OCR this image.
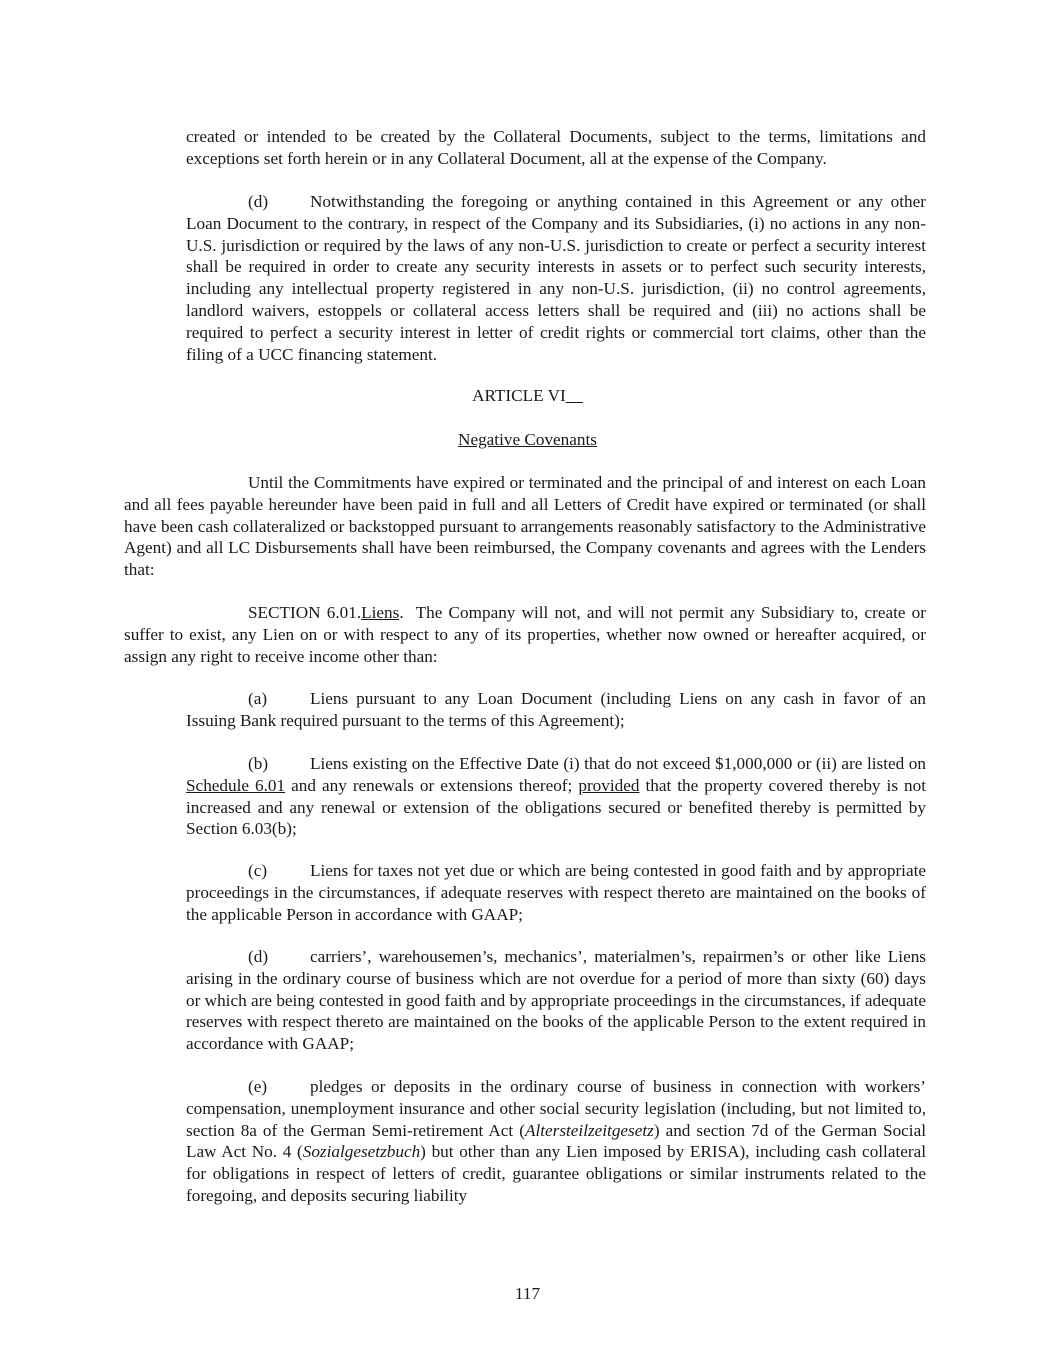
created or intended to be created by the Collateral Documents, subject to the terms, limitations and exceptions set forth herein or in any Collateral Document, all at the expense of the Company.

(d) Notwithstanding the foregoing or anything contained in this Agreement or any other Loan Document to the contrary, in respect of the Company and its Subsidiaries, (i) no actions in any non-U.S. jurisdiction or required by the laws of any non-U.S. jurisdiction to create or perfect a security interest shall be required in order to create any security interests in assets or to perfect such security interests, including any intellectual property registered in any non-U.S. jurisdiction, (ii) no control agreements, landlord waivers, estoppels or collateral access letters shall be required and (iii) no actions shall be required to perfect a security interest in letter of credit rights or commercial tort claims, other than the filing of a UCC financing statement.

ARTICLE VI  

Negative Covenants

Until the Commitments have expired or terminated and the principal of and interest on each Loan and all fees payable hereunder have been paid in full and all Letters of Credit have expired or terminated (or shall have been cash collateralized or backstopped pursuant to arrangements reasonably satisfactory to the Administrative Agent) and all LC Disbursements shall have been reimbursed, the Company covenants and agrees with the Lenders that:

SECTION 6.01.Liens.  The Company will not, and will not permit any Subsidiary to, create or suffer to exist, any Lien on or with respect to any of its properties, whether now owned or hereafter acquired, or assign any right to receive income other than:

(a) Liens pursuant to any Loan Document (including Liens on any cash in favor of an Issuing Bank required pursuant to the terms of this Agreement);

(b) Liens existing on the Effective Date (i) that do not exceed $1,000,000 or (ii) are listed on Schedule 6.01 and any renewals or extensions thereof; provided that the property covered thereby is not increased and any renewal or extension of the obligations secured or benefited thereby is permitted by Section 6.03(b);

(c) Liens for taxes not yet due or which are being contested in good faith and by appropriate proceedings in the circumstances, if adequate reserves with respect thereto are maintained on the books of the applicable Person in accordance with GAAP;

(d) carriers’, warehousemen’s, mechanics’, materialmen’s, repairmen’s or other like Liens arising in the ordinary course of business which are not overdue for a period of more than sixty (60) days or which are being contested in good faith and by appropriate proceedings in the circumstances, if adequate reserves with respect thereto are maintained on the books of the applicable Person to the extent required in accordance with GAAP;

(e) pledges or deposits in the ordinary course of business in connection with workers’ compensation, unemployment insurance and other social security legislation (including, but not limited to, section 8a of the German Semi-retirement Act (Altersteilzeitgesetz) and section 7d of the German Social Law Act No. 4 (Sozialgesetzbuch) but other than any Lien imposed by ERISA), including cash collateral for obligations in respect of letters of credit, guarantee obligations or similar instruments related to the foregoing, and deposits securing liability

117
